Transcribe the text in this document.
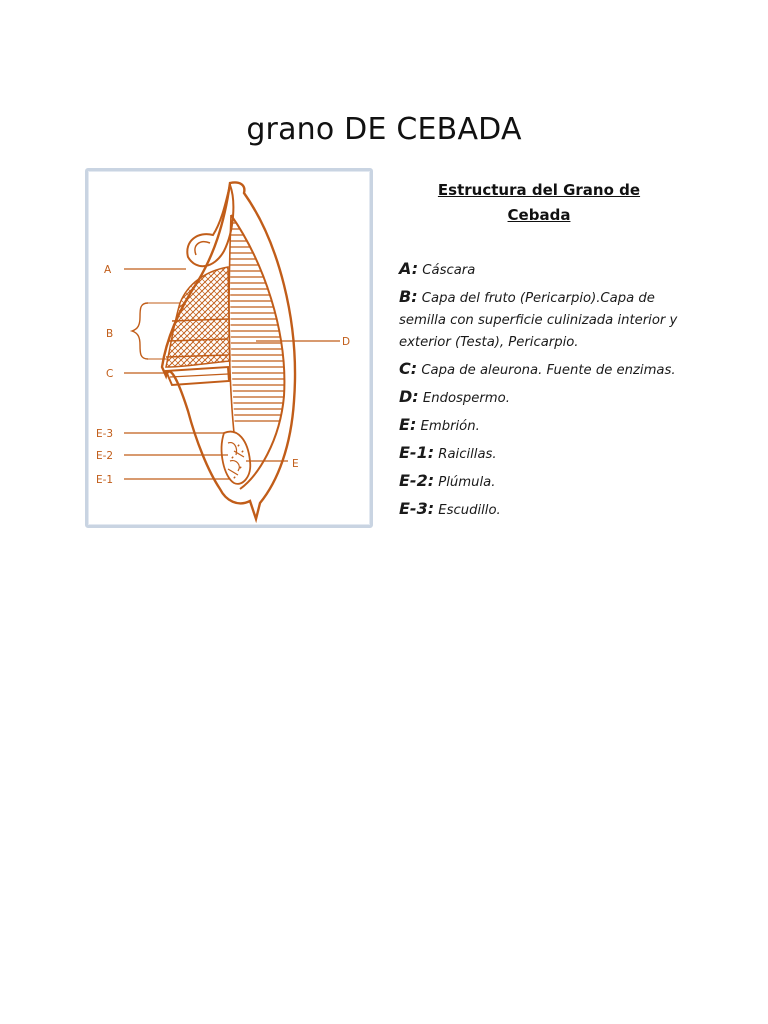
grano DE CEBADA
A
B
C
D
E
E-3
E-2
E-1
Estructura del Grano de Cebada
A: Cáscara
B: Capa del fruto (Pericarpio).Capa de semilla con superficie culinizada interior y exterior (Testa), Pericarpio.
C: Capa de aleurona. Fuente de enzimas.
D: Endospermo.
E: Embrión.
E-1: Raicillas.
E-2: Plúmula.
E-3: Escudillo.
